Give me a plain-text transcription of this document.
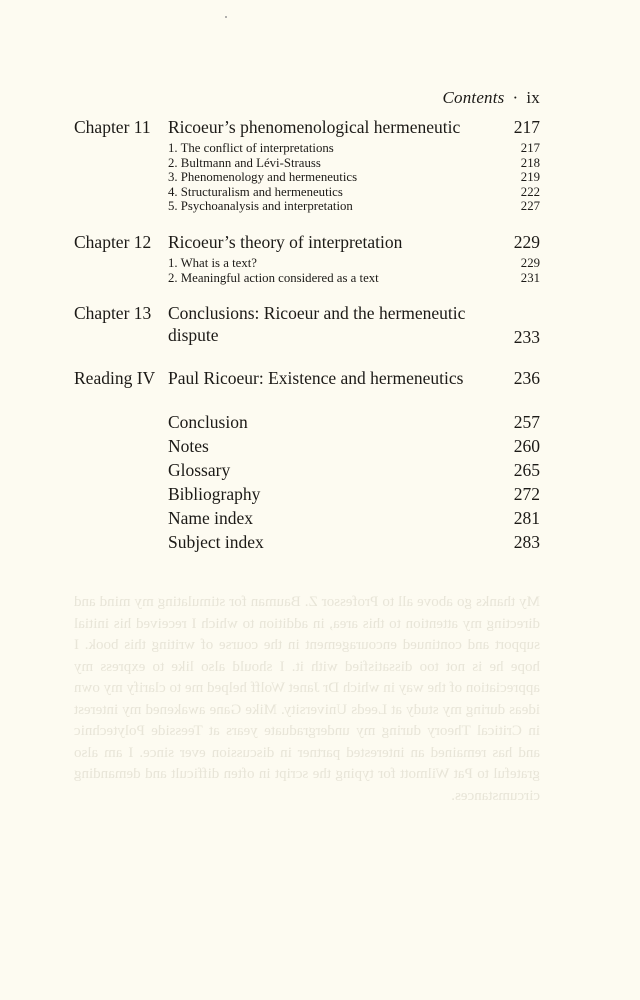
My thanks go above all to Professor Z. Bauman for stimulating my mind and directing my attention to this area, in addition to which I received his initial support and continued encouragement in the course of writing this book. I hope he is not too dissatisfied with it. I should also like to express my appreciation of the way in which Dr Janet Wolff helped me to clarify my own ideas during my study at Leeds University. Mike Gane awakened my interest in Critical Theory during my undergraduate years at Teesside Polytechnic and has remained an interested partner in discussion ever since. I am also grateful to Pat Wilmott for typing the script in often difficult and demanding circumstances.
Contents · ix
Chapter 11 Ricoeur’s phenomenological hermeneutic	217
1. The conflict of interpretations	217
2. Bultmann and Lévi-Strauss	218
3. Phenomenology and hermeneutics	219
4. Structuralism and hermeneutics	222
5. Psychoanalysis and interpretation	227
Chapter 12 Ricoeur’s theory of interpretation	229
1. What is a text?	229
2. Meaningful action considered as a text	231
Chapter 13 Conclusions: Ricoeur and the hermeneutic
dispute	233
Reading IV Paul Ricoeur: Existence and hermeneutics	236
Conclusion	257
Notes	260
Glossary	265
Bibliography	272
Name index	281
Subject index	283
